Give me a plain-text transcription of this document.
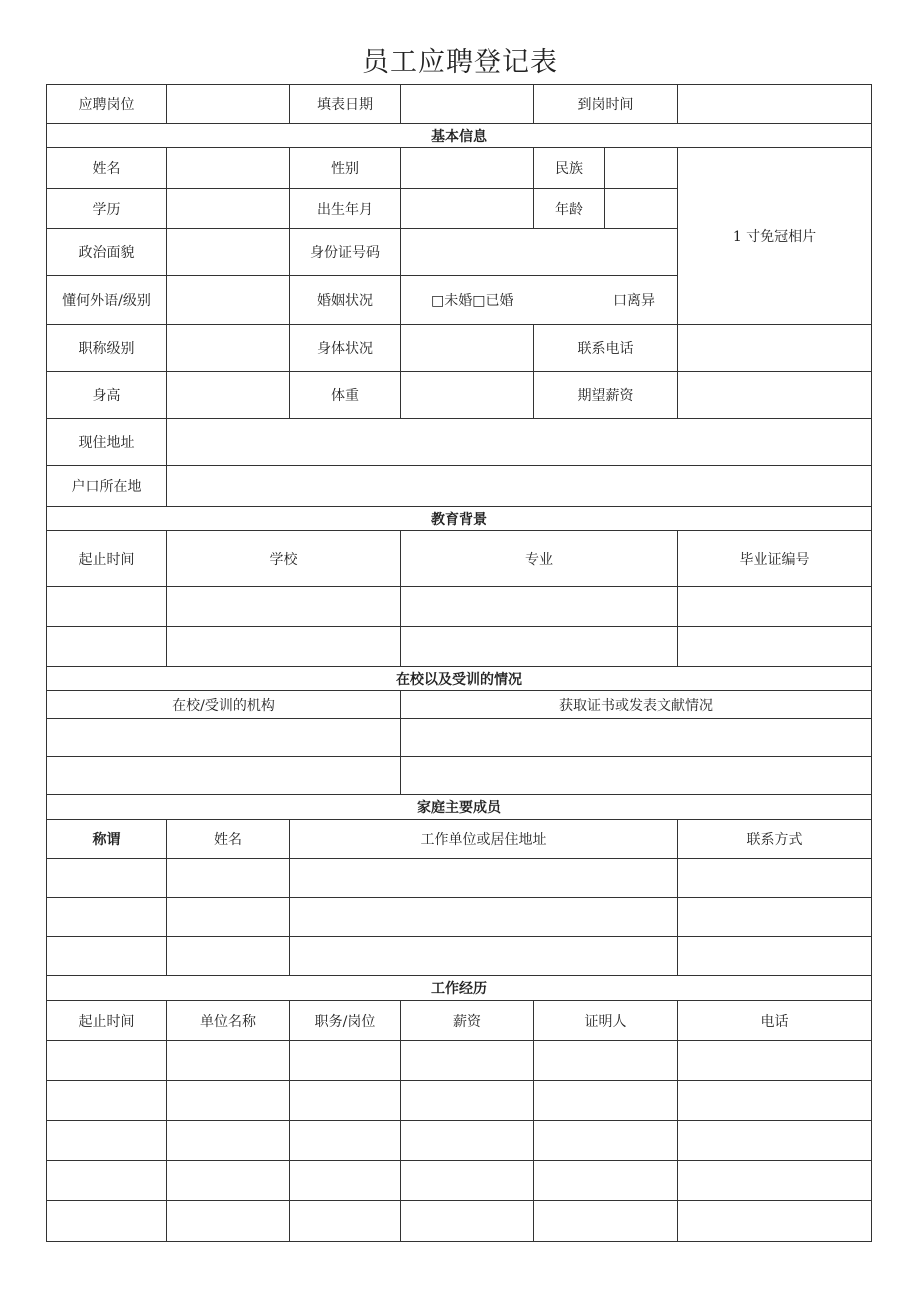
员工应聘登记表
应聘岗位		填表日期		到岗时间		
基本信息						
姓名		性别		民族		1 寸免冠相片
学历		出生年月		年龄		
政治面貌		身份证号码				
懂何外语/级别		婚姻状况	□未婚□已婚 口离异			

职称级别		身体状况		联系电话		
身高		体重		期望薪资		
现住地址						
户口所在地						
教育背景						
起止时间	学校		专业			毕业证编号

在校以及受训的情况						
在校/受训的机构			获取证书或发表文献情况			

家庭主要成员						
称谓	姓名	工作单位或居住地址				联系方式

工作经历						
起止时间	单位名称	职务/岗位	薪资	证明人		电话
